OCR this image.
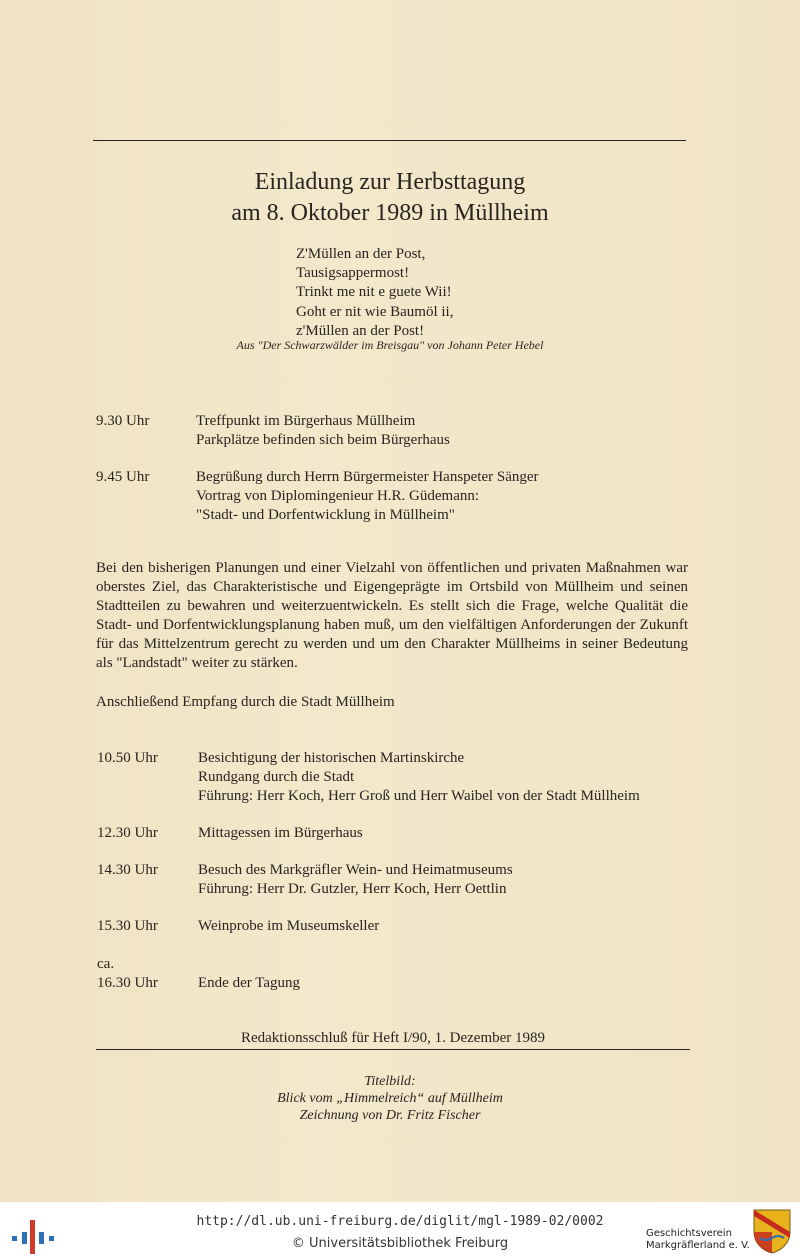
Einladung zur Herbsttagung
am 8. Oktober 1989 in Müllheim
Z'Müllen an der Post,
Tausigsappermost!
Trinkt me nit e guete Wii!
Goht er nit wie Baumöl ii,
z'Müllen an der Post!
Aus "Der Schwarzwälder im Breisgau" von Johann Peter Hebel
9.30 Uhr	Treffpunkt im Bürgerhaus Müllheim
Parkplätze befinden sich beim Bürgerhaus
9.45 Uhr	Begrüßung durch Herrn Bürgermeister Hanspeter Sänger
Vortrag von Diplomingenieur H.R. Güdemann:
"Stadt- und Dorfentwicklung in Müllheim"
Bei den bisherigen Planungen und einer Vielzahl von öffentlichen und privaten Maßnahmen war oberstes Ziel, das Charakteristische und Eigengeprägte im Ortsbild von Müllheim und seinen Stadtteilen zu bewahren und weiterzuentwickeln. Es stellt sich die Frage, welche Qualität die Stadt- und Dorfentwicklungsplanung haben muß, um den vielfältigen Anforderungen der Zukunft für das Mittelzentrum gerecht zu werden und um den Charakter Müllheims in seiner Bedeutung als "Landstadt" weiter zu stärken.
Anschließend Empfang durch die Stadt Müllheim
10.50 Uhr	Besichtigung der historischen Martinskirche
Rundgang durch die Stadt
Führung: Herr Koch, Herr Groß und Herr Waibel von der Stadt Müllheim
12.30 Uhr	Mittagessen im Bürgerhaus
14.30 Uhr	Besuch des Markgräfler Wein- und Heimatmuseums
Führung: Herr Dr. Gutzler, Herr Koch, Herr Oettlin
15.30 Uhr	Weinprobe im Museumskeller
ca.
16.30 Uhr	Ende der Tagung
Redaktionsschluß für Heft I/90, 1. Dezember 1989
Titelbild:
Blick vom „Himmelreich“ auf Müllheim
Zeichnung von Dr. Fritz Fischer
http://dl.ub.uni-freiburg.de/diglit/mgl-1989-02/0002
© Universitätsbibliothek Freiburg
Geschichtsverein
Markgräflerland e. V.
